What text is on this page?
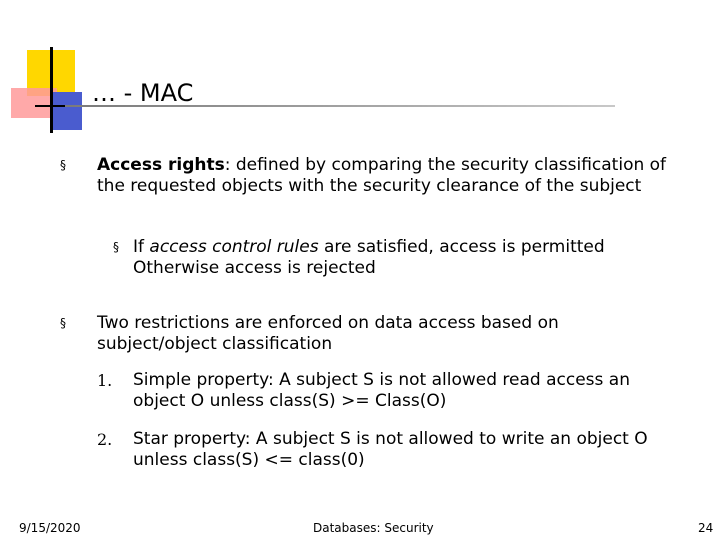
… - MAC
§ Access rights: defined by comparing the security classification of the requested objects with the security clearance of the subject
§ If access control rules are satisfied, access is permitted
Otherwise access is rejected
§ Two restrictions are enforced on data access based on subject/object classification
1. Simple property: A subject S is not allowed read access an object O unless class(S) >= Class(O)
2. Star property: A subject S is not allowed to write an object O unless class(S) <= class(0)
9/15/2020	Databases: Security	24
